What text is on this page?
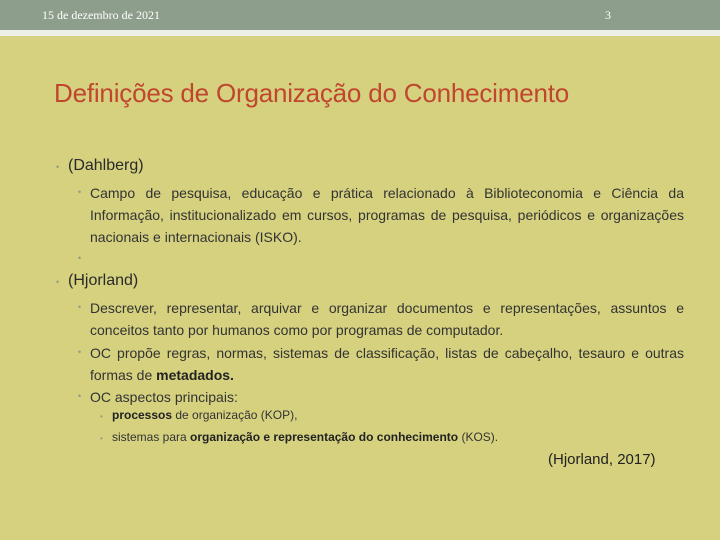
15 de dezembro de 2021	3
Definições de Organização do Conhecimento
• (Dahlberg)
• Campo de pesquisa, educação e prática relacionado à Biblioteconomia e Ciência da Informação, institucionalizado em cursos, programas de pesquisa, periódicos e organizações nacionais e internacionais (ISKO).
•
• (Hjorland)
• Descrever, representar, arquivar e organizar documentos e representações, assuntos e conceitos tanto por humanos como por programas de computador.
• OC propõe regras, normas, sistemas de classificação, listas de cabeçalho, tesauro e outras formas de metadados.
• OC aspectos principais:
• processos de organização (KOP),
• sistemas para organização e representação do conhecimento (KOS).
(Hjorland, 2017)
